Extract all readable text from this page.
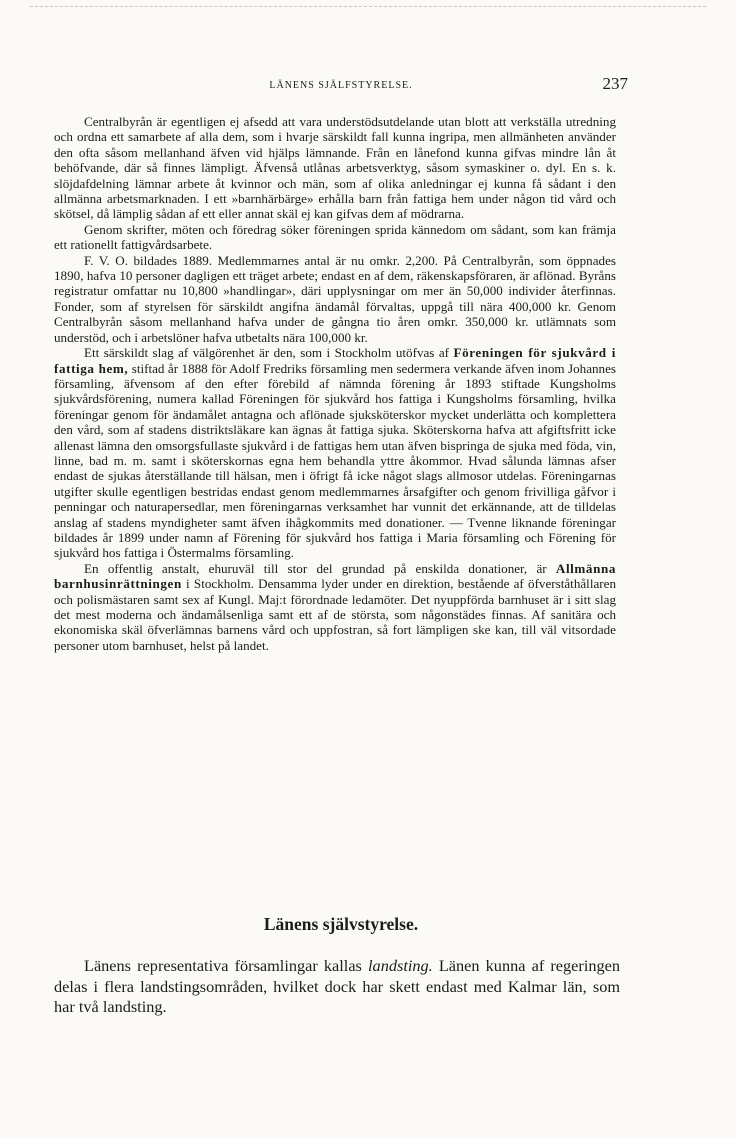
LÄNENS SJÄLFSTYRELSE.	237

Centralbyrån är egentligen ej afsedd att vara understödsutdelande utan blott att verkställa utredning och ordna ett samarbete af alla dem, som i hvarje särskildt fall kunna ingripa, men allmänheten använder den ofta såsom mellanhand äfven vid hjälps lämnande. Från en lånefond kunna gifvas mindre lån åt behöfvande, där så finnes lämpligt. Äfvenså utlånas arbetsverktyg, såsom symaskiner o. dyl. En s. k. slöjdafdelning lämnar arbete åt kvinnor och män, som af olika anledningar ej kunna få sådant i den allmänna arbetsmarknaden. I ett »barnhärbärge» erhålla barn från fattiga hem under någon tid vård och skötsel, då lämplig sådan af ett eller annat skäl ej kan gifvas dem af mödrarna.

Genom skrifter, möten och föredrag söker föreningen sprida kännedom om sådant, som kan främja ett rationellt fattigvårdsarbete.

F. V. O. bildades 1889. Medlemmarnes antal är nu omkr. 2,200. På Centralbyrån, som öppnades 1890, hafva 10 personer dagligen ett träget arbete; endast en af dem, räkenskapsföraren, är aflönad. Byråns registratur omfattar nu 10,800 »handlingar», däri upplysningar om mer än 50,000 individer återfinnas. Fonder, som af styrelsen för särskildt angifna ändamål förvaltas, uppgå till nära 400,000 kr. Genom Centralbyrån såsom mellanhand hafva under de gångna tio åren omkr. 350,000 kr. utlämnats som understöd, och i arbetslöner hafva utbetalts nära 100,000 kr.

Ett särskildt slag af välgörenhet är den, som i Stockholm utöfvas af Föreningen för sjukvård i fattiga hem, stiftad år 1888 för Adolf Fredriks församling men sedermera verkande äfven inom Johannes församling, äfvensom af den efter förebild af nämnda förening år 1893 stiftade Kungsholms sjukvårdsförening, numera kallad Föreningen för sjukvård hos fattiga i Kungsholms församling, hvilka föreningar genom för ändamålet antagna och aflönade sjuksköterskor mycket underlätta och komplettera den vård, som af stadens distriktsläkare kan ägnas åt fattiga sjuka. Sköterskorna hafva att afgiftsfritt icke allenast lämna den omsorgsfullaste sjukvård i de fattigas hem utan äfven bispringa de sjuka med föda, vin, linne, bad m. m. samt i sköterskornas egna hem behandla yttre åkommor. Hvad sålunda lämnas afser endast de sjukas återställande till hälsan, men i öfrigt få icke något slags allmosor utdelas. Föreningarnas utgifter skulle egentligen bestridas endast genom medlemmarnes årsafgifter och genom frivilliga gåfvor i penningar och naturapersedlar, men föreningarnas verksamhet har vunnit det erkännande, att de tilldelas anslag af stadens myndigheter samt äfven ihågkommits med donationer. — Tvenne liknande föreningar bildades år 1899 under namn af Förening för sjukvård hos fattiga i Maria församling och Förening för sjukvård hos fattiga i Östermalms församling.

En offentlig anstalt, ehuruväl till stor del grundad på enskilda donationer, är Allmänna barnhusinrättningen i Stockholm. Densamma lyder under en direktion, bestående af öfverståthållaren och polismästaren samt sex af Kungl. Maj:t förordnade ledamöter. Det nyuppförda barnhuset är i sitt slag det mest moderna och ändamålsenliga samt ett af de största, som någonstädes finnas. Af sanitära och ekonomiska skäl öfverlämnas barnens vård och uppfostran, så fort lämpligen ske kan, till väl vitsordade personer utom barnhuset, helst på landet.

Länens självstyrelse.

Länens representativa församlingar kallas landsting. Länen kunna af regeringen delas i flera landstingsområden, hvilket dock har skett endast med Kalmar län, som har två landsting.
